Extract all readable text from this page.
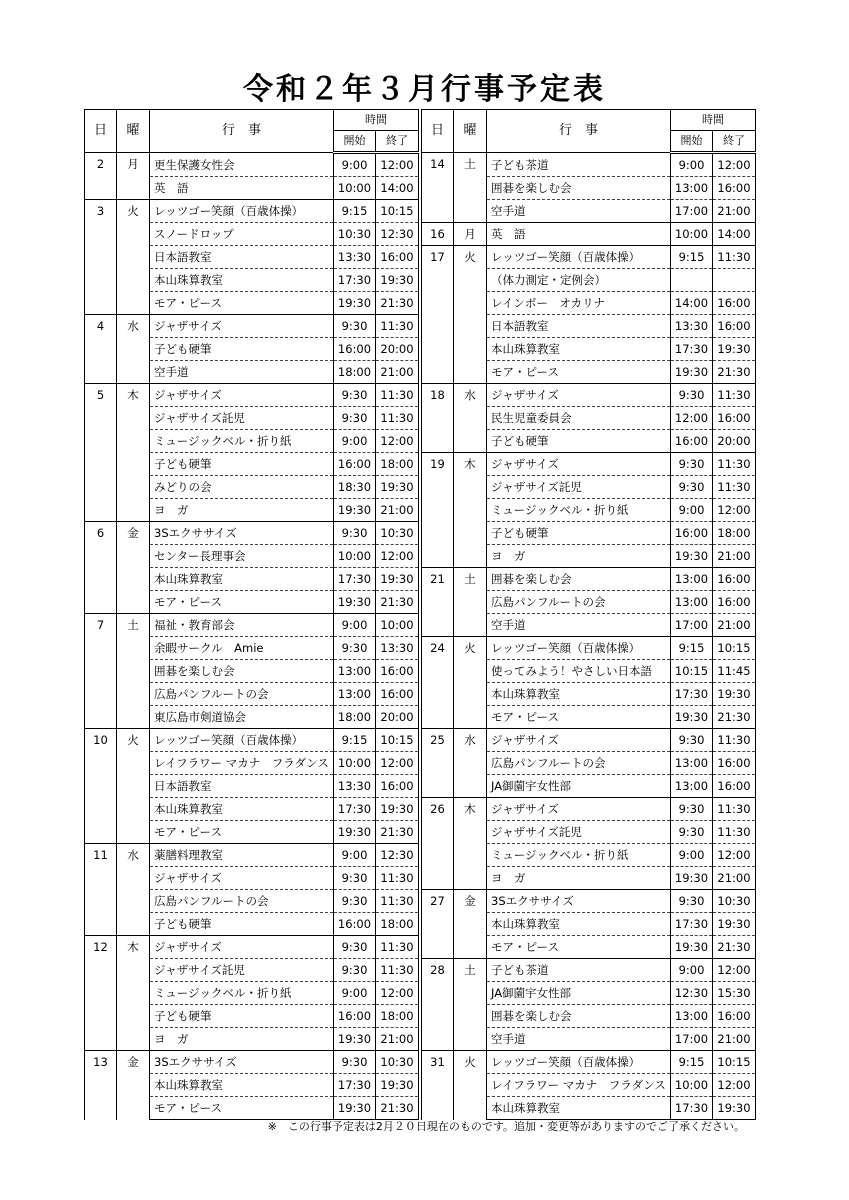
令和２年３月行事予定表
日	曜	行　事	時間	
			開始	終了
2	月	更生保護女性会	9:00	12:00
		英　語	10:00	14:00
3	火	レッツゴー笑顔（百歳体操）	9:15	10:15
		スノードロップ	10:30	12:30
		日本語教室	13:30	16:00
		本山珠算教室	17:30	19:30
		モア・ピース	19:30	21:30
4	水	ジャザサイズ	9:30	11:30
		子ども硬筆	16:00	20:00
		空手道	18:00	21:00
5	木	ジャザサイズ	9:30	11:30
		ジャザサイズ託児	9:30	11:30
		ミュージックベル・折り紙	9:00	12:00
		子ども硬筆	16:00	18:00
		みどりの会	18:30	19:30
		ヨ　ガ	19:30	21:00
6	金	3Sエクササイズ	9:30	10:30
		センター長理事会	10:00	12:00
		本山珠算教室	17:30	19:30
		モア・ピース	19:30	21:30
7	土	福祉・教育部会	9:00	10:00
		余暇サークル　Amie	9:30	13:30
		囲碁を楽しむ会	13:00	16:00
		広島パンフルートの会	13:00	16:00
		東広島市剣道協会	18:00	20:00
10	火	レッツゴー笑顔（百歳体操）	9:15	10:15
		レイフラワー マカナ　フラダンス	10:00	12:00
		日本語教室	13:30	16:00
		本山珠算教室	17:30	19:30
		モア・ピース	19:30	21:30
11	水	薬膳料理教室	9:00	12:30
		ジャザサイズ	9:30	11:30
		広島パンフルートの会	9:30	11:30
		子ども硬筆	16:00	18:00
12	木	ジャザサイズ	9:30	11:30
		ジャザサイズ託児	9:30	11:30
		ミュージックベル・折り紙	9:00	12:00
		子ども硬筆	16:00	18:00
		ヨ　ガ	19:30	21:00
13	金	3Sエクササイズ	9:30	10:30
		本山珠算教室	17:30	19:30
		モア・ピース	19:30	21:30
日	曜	行　事	時間	
			開始	終了
14	土	子ども茶道	9:00	12:00
		囲碁を楽しむ会	13:00	16:00
		空手道	17:00	21:00
16	月	英　語	10:00	14:00
17	火	レッツゴー笑顔（百歳体操）	9:15	11:30
		（体力測定・定例会）		
		レインボー　オカリナ	14:00	16:00
		日本語教室	13:30	16:00
		本山珠算教室	17:30	19:30
		モア・ピース	19:30	21:30
18	水	ジャザサイズ	9:30	11:30
		民生児童委員会	12:00	16:00
		子ども硬筆	16:00	20:00
19	木	ジャザサイズ	9:30	11:30
		ジャザサイズ託児	9:30	11:30
		ミュージックベル・折り紙	9:00	12:00
		子ども硬筆	16:00	18:00
		ヨ　ガ	19:30	21:00
21	土	囲碁を楽しむ会	13:00	16:00
		広島パンフルートの会	13:00	16:00
		空手道	17:00	21:00
24	火	レッツゴー笑顔（百歳体操）	9:15	10:15
		使ってみよう！やさしい日本語	10:15	11:45
		本山珠算教室	17:30	19:30
		モア・ピース	19:30	21:30
25	水	ジャザサイズ	9:30	11:30
		広島パンフルートの会	13:00	16:00
		JA御薗宇女性部	13:00	16:00
26	木	ジャザサイズ	9:30	11:30
		ジャザサイズ託児	9:30	11:30
		ミュージックベル・折り紙	9:00	12:00
		ヨ　ガ	19:30	21:00
27	金	3Sエクササイズ	9:30	10:30
		本山珠算教室	17:30	19:30
		モア・ピース	19:30	21:30
28	土	子ども茶道	9:00	12:00
		JA御薗宇女性部	12:30	15:30
		囲碁を楽しむ会	13:00	16:00
		空手道	17:00	21:00
31	火	レッツゴー笑顔（百歳体操）	9:15	10:15
		レイフラワー マカナ　フラダンス	10:00	12:00
		本山珠算教室	17:30	19:30

※　この行事予定表は2月２０日現在のものです。追加・変更等がありますのでご了承ください。
